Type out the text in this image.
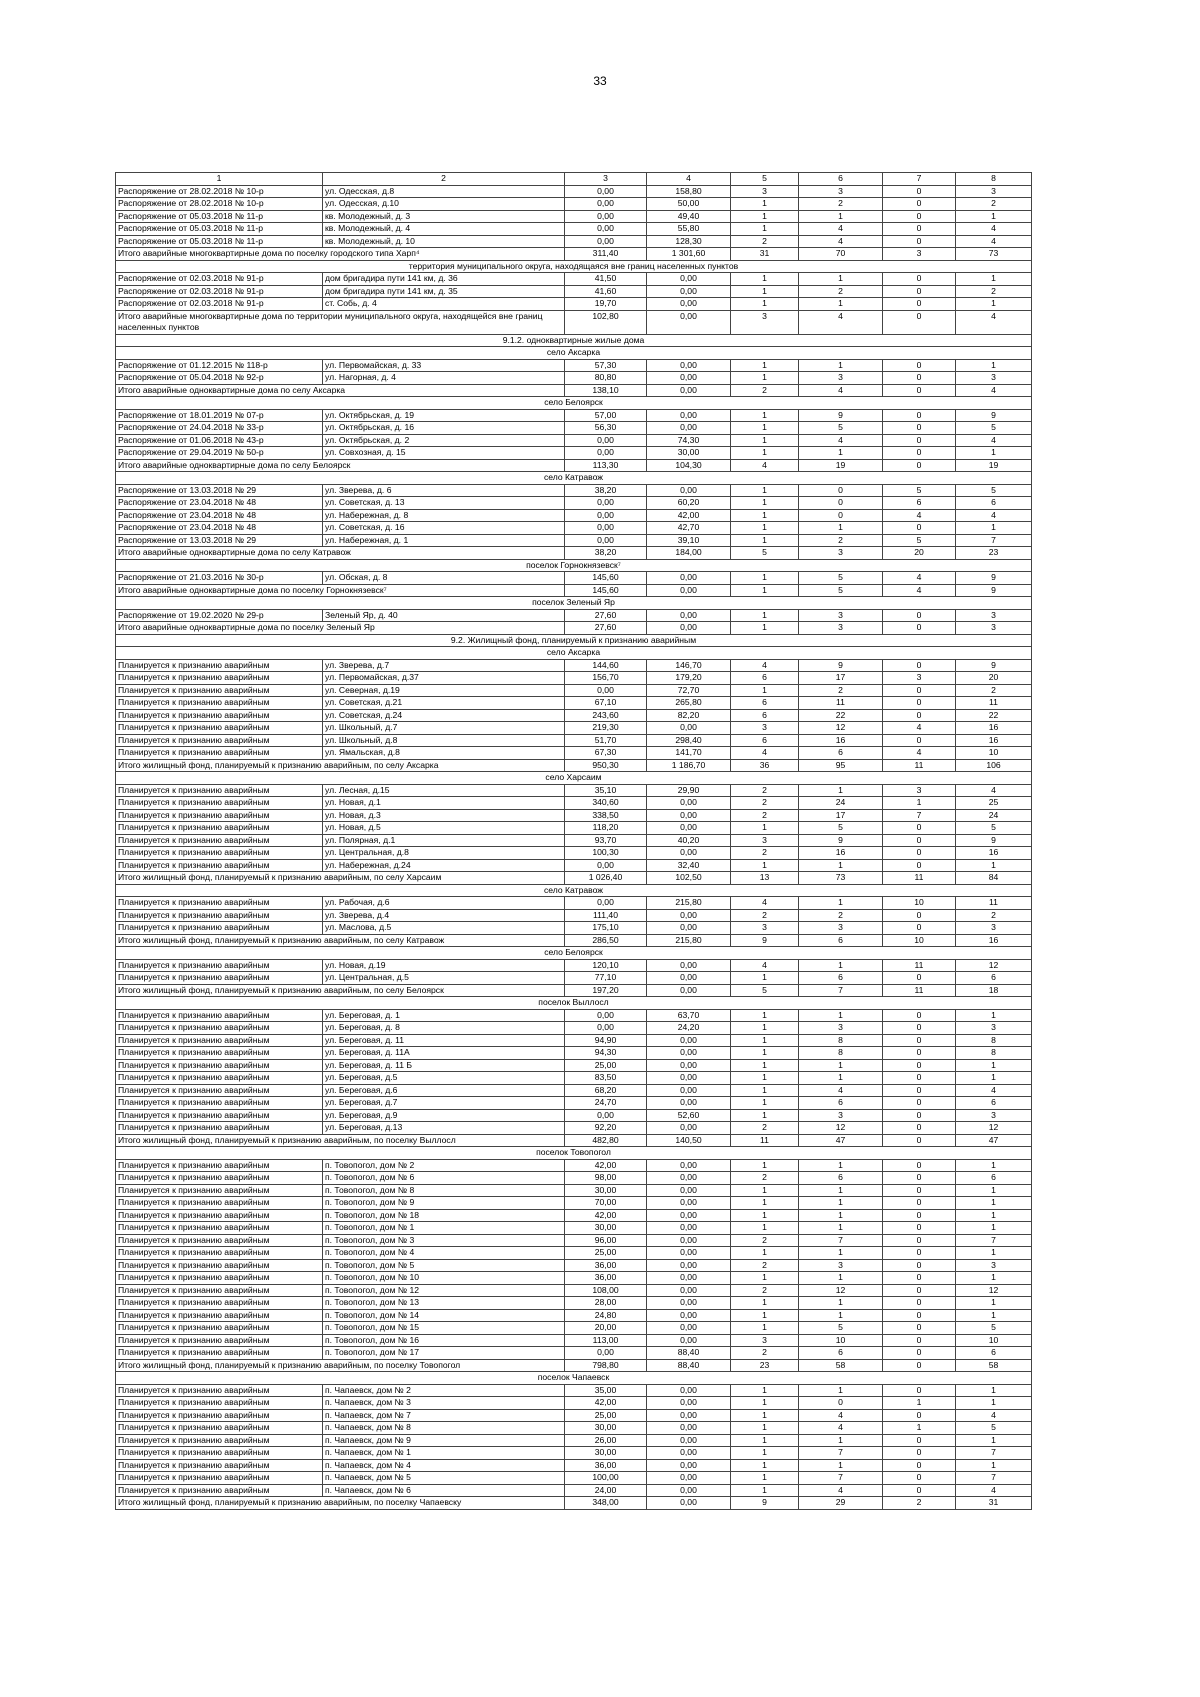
33
1	2	3	4	5	6	7	8
Распоряжение от 28.02.2018 № 10-р	ул. Одесская, д.8	0,00	158,80	3	3	0	3
Распоряжение от 28.02.2018 № 10-р	ул. Одесская, д.10	0,00	50,00	1	2	0	2
Распоряжение от 05.03.2018 № 11-р	кв. Молодежный, д. 3	0,00	49,40	1	1	0	1
Распоряжение от 05.03.2018 № 11-р	кв. Молодежный, д. 4	0,00	55,80	1	4	0	4
Распоряжение от 05.03.2018 № 11-р	кв. Молодежный, д. 10	0,00	128,30	2	4	0	4
Итого аварийные многоквартирные дома по поселку городского типа Харп⁴		311,40	1 301,60	31	70	3	73
территория муниципального округа, находящаяся вне границ населенных пунктов							
Распоряжение от 02.03.2018 № 91-р	дом бригадира пути 141 км, д. 36	41,50	0,00	1	1	0	1
Распоряжение от 02.03.2018 № 91-р	дом бригадира пути 141 км, д. 35	41,60	0,00	1	2	0	2
Распоряжение от 02.03.2018 № 91-р	ст. Собь, д. 4	19,70	0,00	1	1	0	1
Итого аварийные многоквартирные дома по территории муниципального округа, находящейся вне границ населенных пунктов		102,80	0,00	3	4	0	4
9.1.2. одноквартирные жилые дома							
село Аксарка							
Распоряжение от 01.12.2015 № 118-р	ул. Первомайская, д. 33	57,30	0,00	1	1	0	1
Распоряжение от 05.04.2018 № 92-р	ул. Нагорная, д. 4	80,80	0,00	1	3	0	3
Итого аварийные одноквартирные дома по селу Аксарка		138,10	0,00	2	4	0	4
село Белоярск							
Распоряжение от 18.01.2019 № 07-р	ул. Октябрьская, д. 19	57,00	0,00	1	9	0	9
Распоряжение от 24.04.2018 № 33-р	ул. Октябрьская, д. 16	56,30	0,00	1	5	0	5
Распоряжение от 01.06.2018 № 43-р	ул. Октябрьская, д. 2	0,00	74,30	1	4	0	4
Распоряжение от 29.04.2019 № 50-р	ул. Совхозная, д. 15	0,00	30,00	1	1	0	1
Итого аварийные одноквартирные дома по селу Белоярск		113,30	104,30	4	19	0	19
село Катравож							
Распоряжение от 13.03.2018 № 29	ул. Зверева, д. 6	38,20	0,00	1	0	5	5
Распоряжение от 23.04.2018 № 48	ул. Советская, д. 13	0,00	60,20	1	0	6	6
Распоряжение от 23.04.2018 № 48	ул. Набережная, д. 8	0,00	42,00	1	0	4	4
Распоряжение от 23.04.2018 № 48	ул. Советская, д. 16	0,00	42,70	1	1	0	1
Распоряжение от 13.03.2018 № 29	ул. Набережная, д. 1	0,00	39,10	1	2	5	7
Итого аварийные одноквартирные дома по селу Катравож		38,20	184,00	5	3	20	23
поселок Горнокнязевск⁷							
Распоряжение от 21.03.2016 № 30-р	ул. Обская, д. 8	145,60	0,00	1	5	4	9
Итого аварийные одноквартирные дома по поселку Горнокнязевск⁷		145,60	0,00	1	5	4	9
поселок Зеленый Яр							
Распоряжение от 19.02.2020 № 29-р	Зеленый Яр, д. 40	27,60	0,00	1	3	0	3
Итого аварийные одноквартирные дома по поселку Зеленый Яр		27,60	0,00	1	3	0	3
9.2. Жилищный фонд, планируемый к признанию аварийным							
село Аксарка							
Планируется к признанию аварийным	ул. Зверева, д.7	144,60	146,70	4	9	0	9
Планируется к признанию аварийным	ул. Первомайская, д.37	156,70	179,20	6	17	3	20
Планируется к признанию аварийным	ул. Северная, д.19	0,00	72,70	1	2	0	2
Планируется к признанию аварийным	ул. Советская, д.21	67,10	265,80	6	11	0	11
Планируется к признанию аварийным	ул. Советская, д.24	243,60	82,20	6	22	0	22
Планируется к признанию аварийным	ул. Школьный, д.7	219,30	0,00	3	12	4	16
Планируется к признанию аварийным	ул. Школьный, д.8	51,70	298,40	6	16	0	16
Планируется к признанию аварийным	ул. Ямальская, д.8	67,30	141,70	4	6	4	10
Итого жилищный фонд, планируемый к признанию аварийным, по селу Аксарка		950,30	1 186,70	36	95	11	106
село Харсаим							
Планируется к признанию аварийным	ул. Лесная, д.15	35,10	29,90	2	1	3	4
Планируется к признанию аварийным	ул. Новая, д.1	340,60	0,00	2	24	1	25
Планируется к признанию аварийным	ул. Новая, д.3	338,50	0,00	2	17	7	24
Планируется к признанию аварийным	ул. Новая, д.5	118,20	0,00	1	5	0	5
Планируется к признанию аварийным	ул. Полярная, д.1	93,70	40,20	3	9	0	9
Планируется к признанию аварийным	ул. Центральная, д.8	100,30	0,00	2	16	0	16
Планируется к признанию аварийным	ул. Набережная, д.24	0,00	32,40	1	1	0	1
Итого жилищный фонд, планируемый к признанию аварийным, по селу Харсаим		1 026,40	102,50	13	73	11	84
село Катравож							
Планируется к признанию аварийным	ул. Рабочая, д.6	0,00	215,80	4	1	10	11
Планируется к признанию аварийным	ул. Зверева, д.4	111,40	0,00	2	2	0	2
Планируется к признанию аварийным	ул. Маслова, д.5	175,10	0,00	3	3	0	3
Итого жилищный фонд, планируемый к признанию аварийным, по селу Катравож		286,50	215,80	9	6	10	16
село Белоярск							
Планируется к признанию аварийным	ул. Новая, д.19	120,10	0,00	4	1	11	12
Планируется к признанию аварийным	ул. Центральная, д.5	77,10	0,00	1	6	0	6
Итого жилищный фонд, планируемый к признанию аварийным, по селу Белоярск		197,20	0,00	5	7	11	18
поселок Выллосл							
Планируется к признанию аварийным	ул. Береговая, д. 1	0,00	63,70	1	1	0	1
Планируется к признанию аварийным	ул. Береговая, д. 8	0,00	24,20	1	3	0	3
Планируется к признанию аварийным	ул. Береговая, д. 11	94,90	0,00	1	8	0	8
Планируется к признанию аварийным	ул. Береговая, д. 11А	94,30	0,00	1	8	0	8
Планируется к признанию аварийным	ул. Береговая, д. 11 Б	25,00	0,00	1	1	0	1
Планируется к признанию аварийным	ул. Береговая, д.5	83,50	0,00	1	1	0	1
Планируется к признанию аварийным	ул. Береговая, д.6	68,20	0,00	1	4	0	4
Планируется к признанию аварийным	ул. Береговая, д.7	24,70	0,00	1	6	0	6
Планируется к признанию аварийным	ул. Береговая, д.9	0,00	52,60	1	3	0	3
Планируется к признанию аварийным	ул. Береговая, д.13	92,20	0,00	2	12	0	12
Итого жилищный фонд, планируемый к признанию аварийным, по поселку Выллосл		482,80	140,50	11	47	0	47
поселок Товопогол							
Планируется к признанию аварийным	п. Товопогол, дом № 2	42,00	0,00	1	1	0	1
Планируется к признанию аварийным	п. Товопогол, дом № 6	98,00	0,00	2	6	0	6
Планируется к признанию аварийным	п. Товопогол, дом № 8	30,00	0,00	1	1	0	1
Планируется к признанию аварийным	п. Товопогол, дом № 9	70,00	0,00	1	1	0	1
Планируется к признанию аварийным	п. Товопогол, дом № 18	42,00	0,00	1	1	0	1
Планируется к признанию аварийным	п. Товопогол, дом № 1	30,00	0,00	1	1	0	1
Планируется к признанию аварийным	п. Товопогол, дом № 3	96,00	0,00	2	7	0	7
Планируется к признанию аварийным	п. Товопогол, дом № 4	25,00	0,00	1	1	0	1
Планируется к признанию аварийным	п. Товопогол, дом № 5	36,00	0,00	2	3	0	3
Планируется к признанию аварийным	п. Товопогол, дом № 10	36,00	0,00	1	1	0	1
Планируется к признанию аварийным	п. Товопогол, дом № 12	108,00	0,00	2	12	0	12
Планируется к признанию аварийным	п. Товопогол, дом № 13	28,00	0,00	1	1	0	1
Планируется к признанию аварийным	п. Товопогол, дом № 14	24,80	0,00	1	1	0	1
Планируется к признанию аварийным	п. Товопогол, дом № 15	20,00	0,00	1	5	0	5
Планируется к признанию аварийным	п. Товопогол, дом № 16	113,00	0,00	3	10	0	10
Планируется к признанию аварийным	п. Товопогол, дом № 17	0,00	88,40	2	6	0	6
Итого жилищный фонд, планируемый к признанию аварийным, по поселку Товопогол		798,80	88,40	23	58	0	58
поселок Чапаевск							
Планируется к признанию аварийным	п. Чапаевск, дом № 2	35,00	0,00	1	1	0	1
Планируется к признанию аварийным	п. Чапаевск, дом № 3	42,00	0,00	1	0	1	1
Планируется к признанию аварийным	п. Чапаевск, дом № 7	25,00	0,00	1	4	0	4
Планируется к признанию аварийным	п. Чапаевск, дом № 8	30,00	0,00	1	4	1	5
Планируется к признанию аварийным	п. Чапаевск, дом № 9	26,00	0,00	1	1	0	1
Планируется к признанию аварийным	п. Чапаевск, дом № 1	30,00	0,00	1	7	0	7
Планируется к признанию аварийным	п. Чапаевск, дом № 4	36,00	0,00	1	1	0	1
Планируется к признанию аварийным	п. Чапаевск, дом № 5	100,00	0,00	1	7	0	7
Планируется к признанию аварийным	п. Чапаевск, дом № 6	24,00	0,00	1	4	0	4
Итого жилищный фонд, планируемый к признанию аварийным, по поселку Чапаевску		348,00	0,00	9	29	2	31
